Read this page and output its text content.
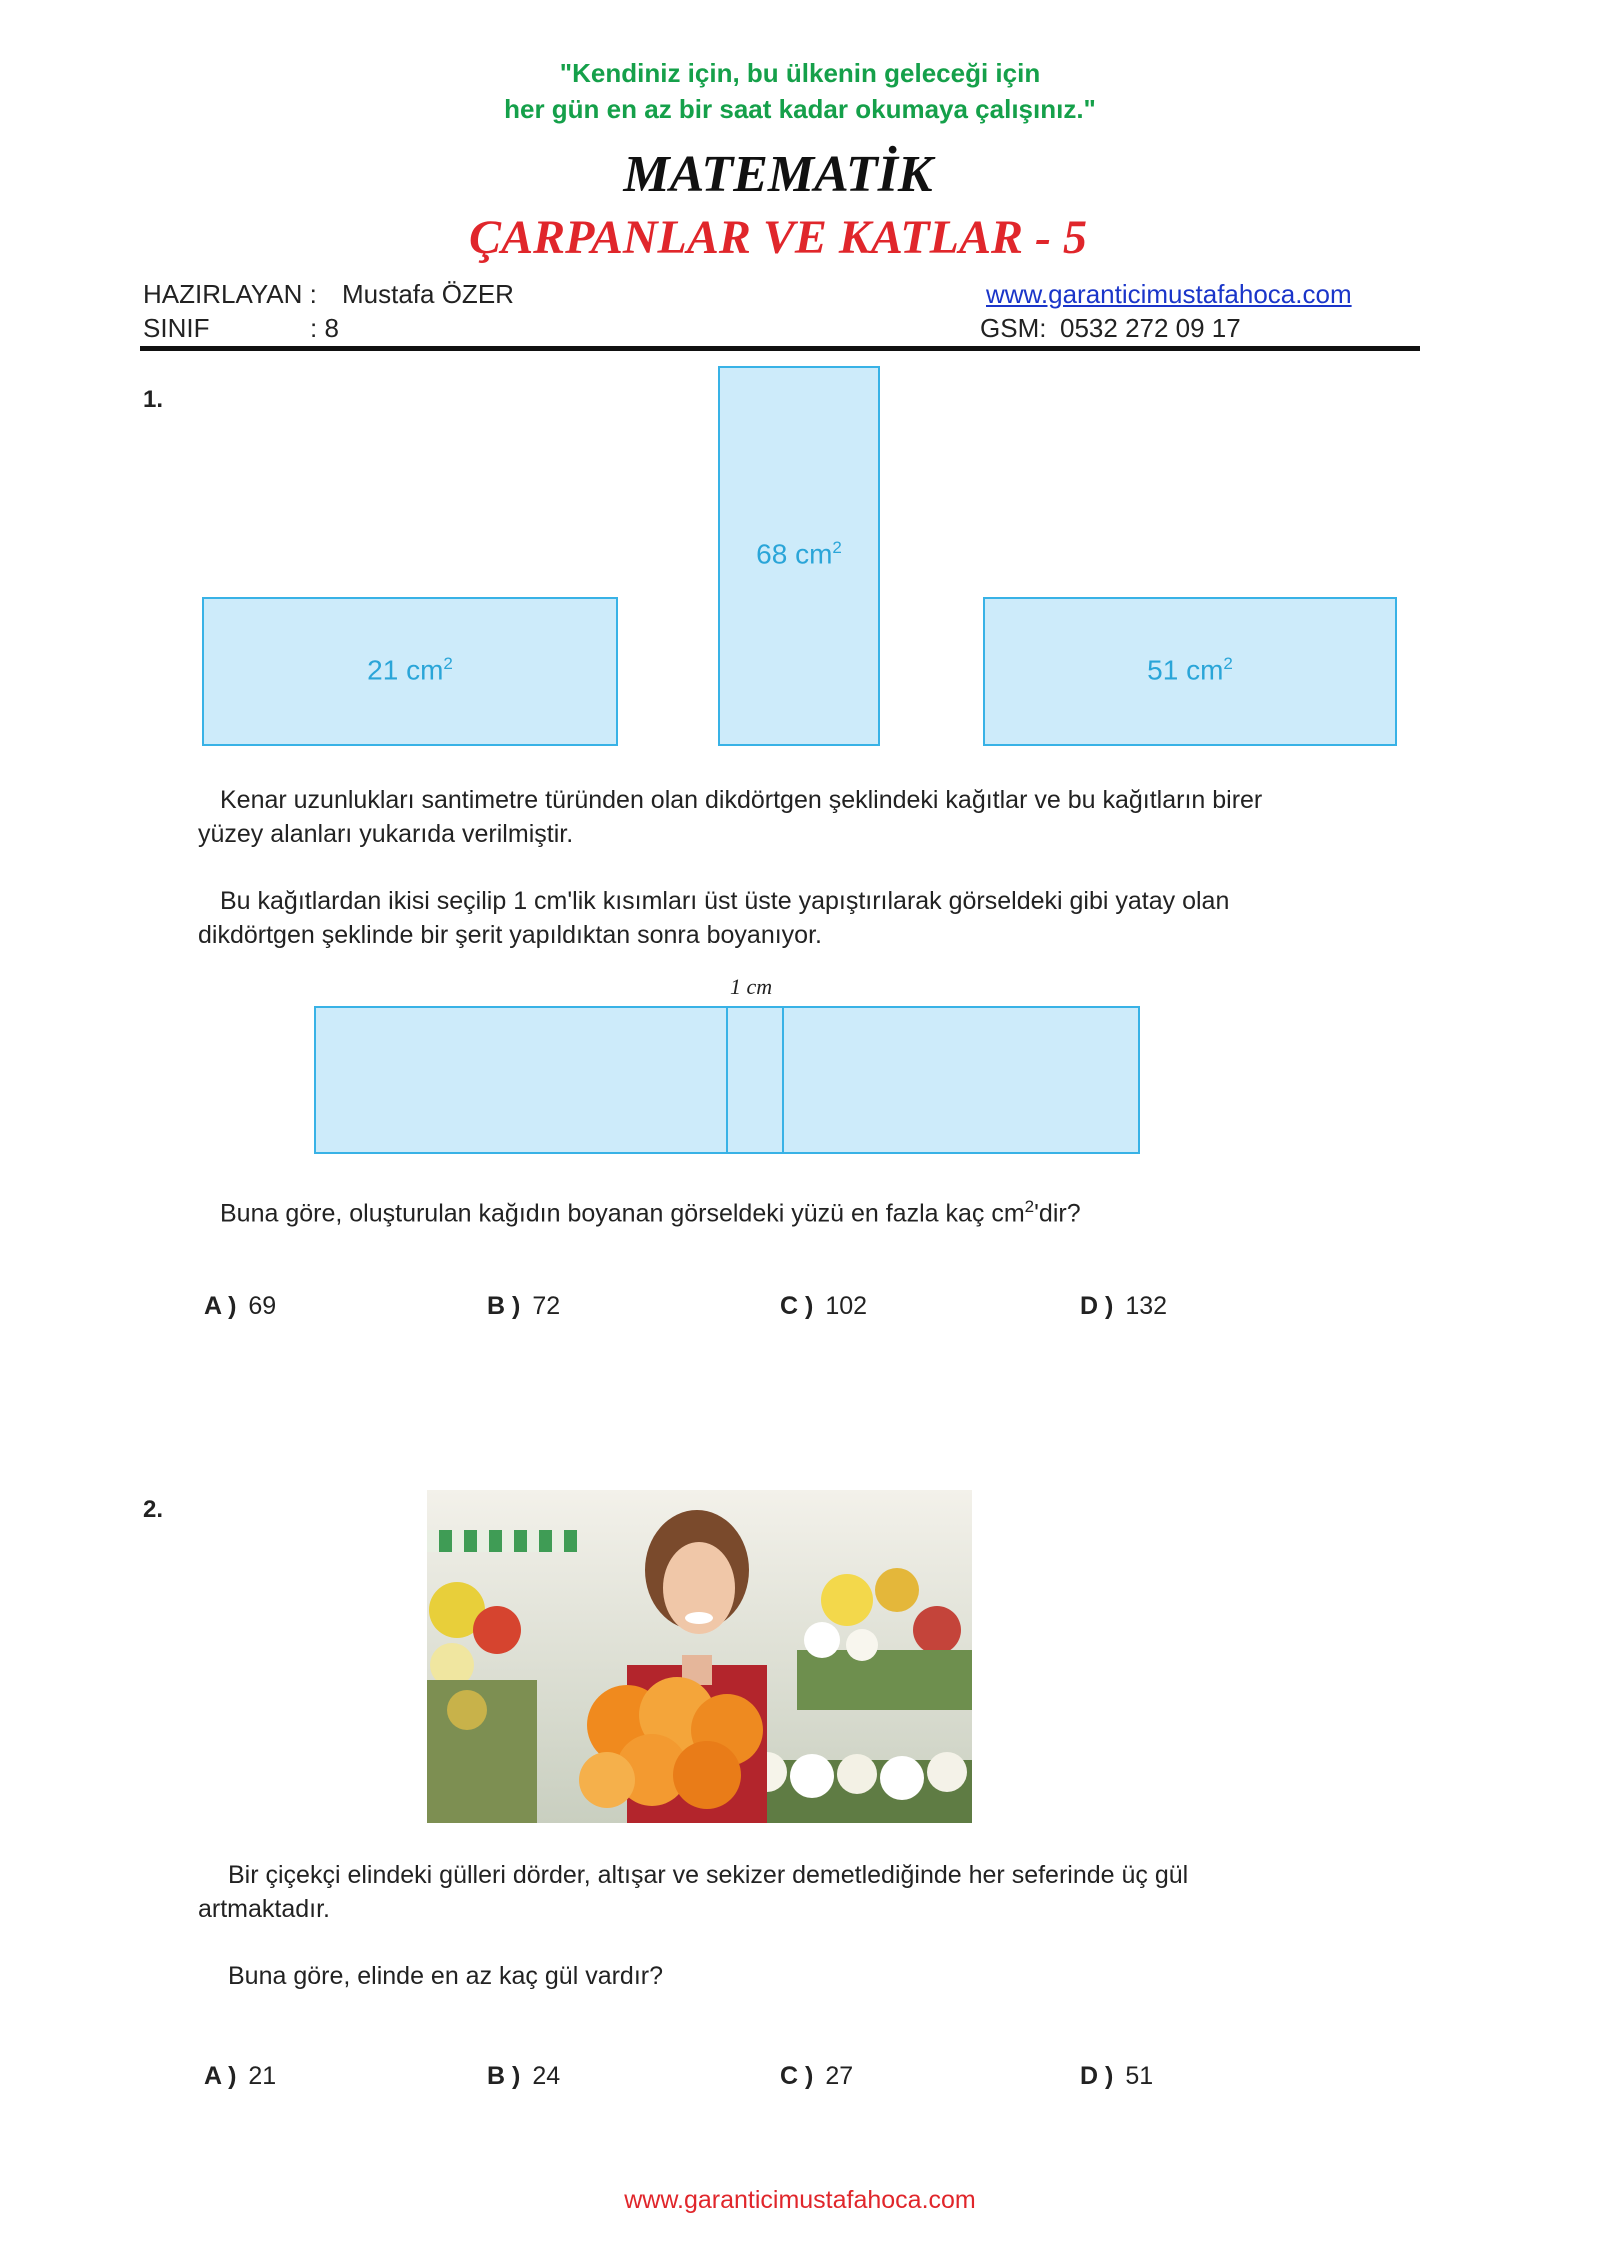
"Kendiniz için, bu ülkenin geleceği için
her gün en az bir saat kadar okumaya çalışınız."
MATEMATİK
ÇARPANLAR VE KATLAR - 5
HAZIRLAYAN : Mustafa ÖZER
SINIF	: 8
www.garanticimustafahoca.com
GSM: 0532 272 09 17
1.
21 $cm^2$
68 $cm^2$
51 $cm^2$
Kenar uzunlukları santimetre türünden olan dikdörtgen şeklindeki kağıtlar ve bu kağıtların birer
yüzey alanları yukarıda verilmiştir.
Bu kağıtlardan ikisi seçilip 1 cm'lik kısımları üst üste yapıştırılarak görseldeki gibi yatay olan
dikdörtgen şeklinde bir şerit yapıldıktan sonra boyanıyor.
1 cm
Buna göre, oluşturulan kağıdın boyanan görseldeki yüzü en fazla kaç $cm^2'dir$?
A ) 69	B ) 72	C ) 102	D ) 132
2.
Bir çiçekçi elindeki gülleri dörder, altışar ve sekizer demetlediğinde her seferinde üç gül
artmaktadır.
Buna göre, elinde en az kaç gül vardır?
A ) 21	B ) 24	C ) 27	D ) 51
www.garanticimustafahoca.com
